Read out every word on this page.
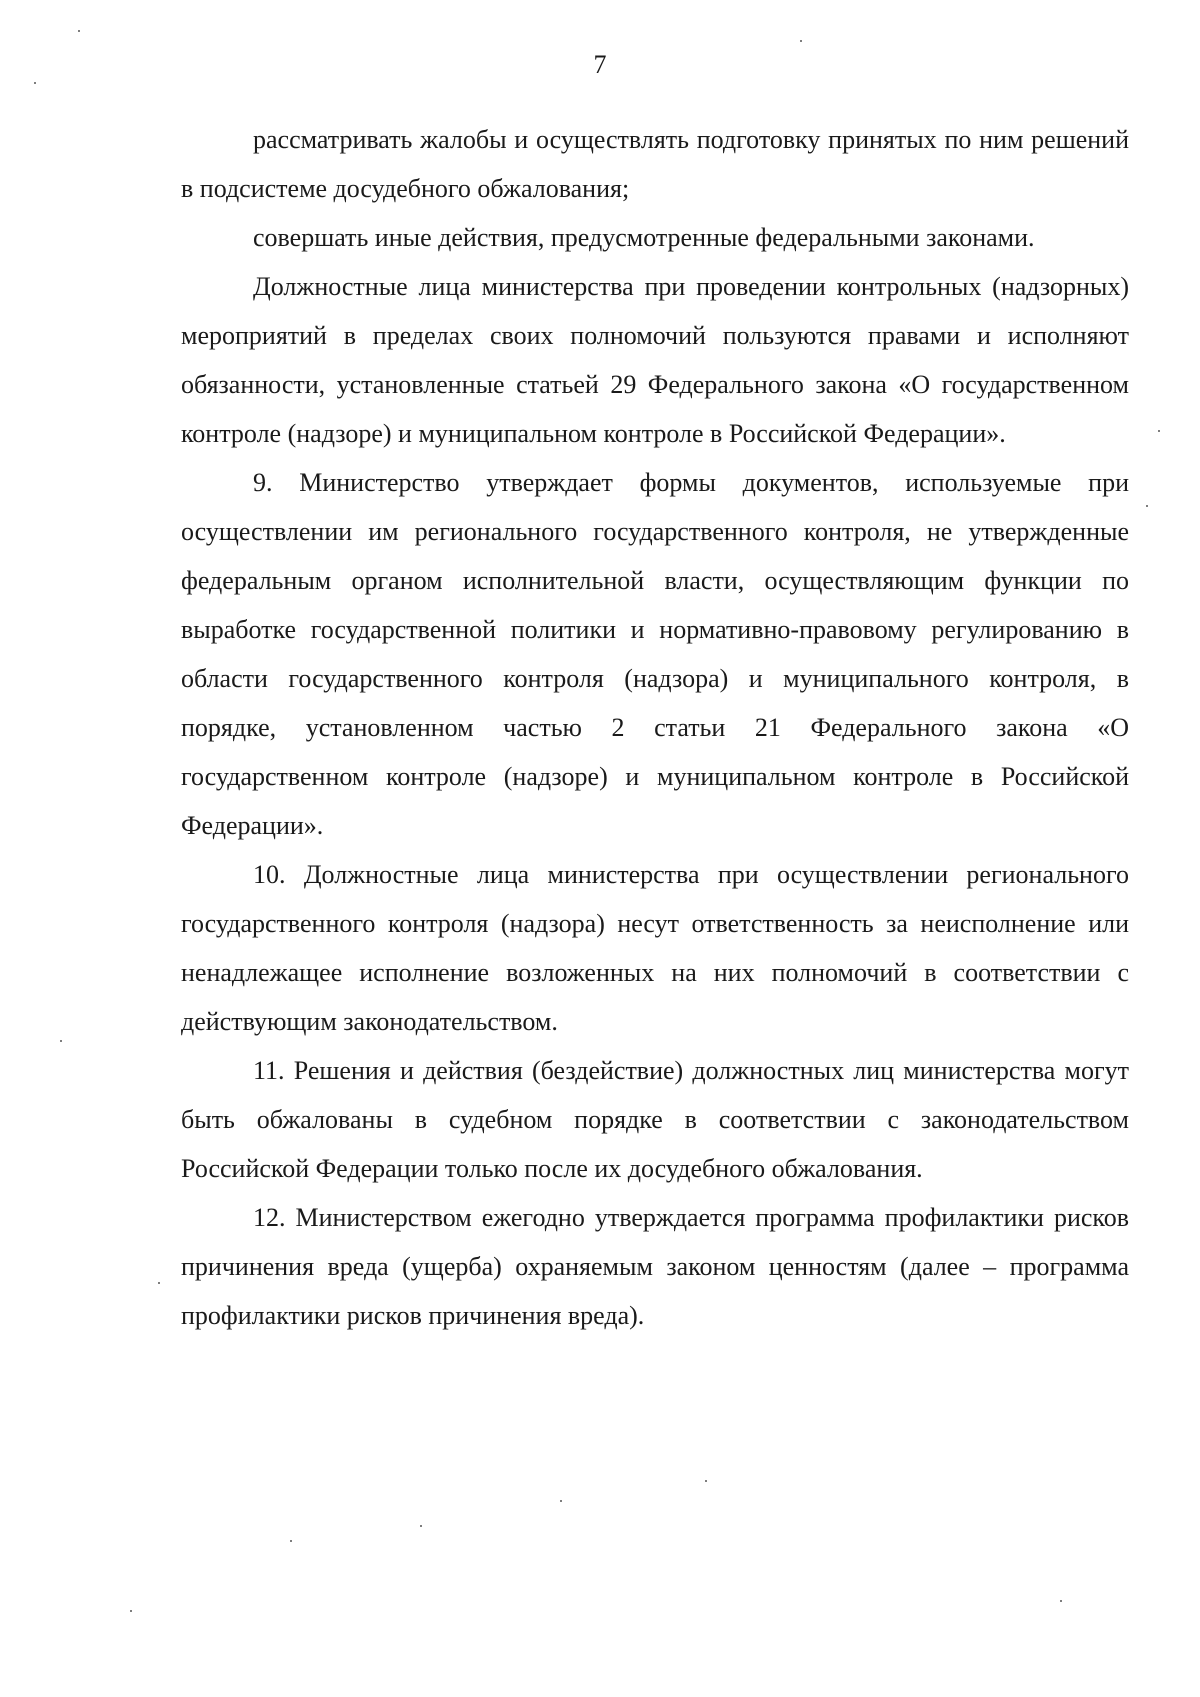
7

рассматривать жалобы и осуществлять подготовку принятых по ним решений в подсистеме досудебного обжалования;

совершать иные действия, предусмотренные федеральными законами.

Должностные лица министерства при проведении контрольных (надзорных) мероприятий в пределах своих полномочий пользуются правами и исполняют обязанности, установленные статьей 29 Федерального закона «О государственном контроле (надзоре) и муниципальном контроле в Российской Федерации».

9. Министерство утверждает формы документов, используемые при осуществлении им регионального государственного контроля, не утвержденные федеральным органом исполнительной власти, осуществляющим функции по выработке государственной политики и нормативно-правовому регулированию в области государственного контроля (надзора) и муниципального контроля, в порядке, установленном частью 2 статьи 21 Федерального закона «О государственном контроле (надзоре) и муниципальном контроле в Российской Федерации».

10. Должностные лица министерства при осуществлении регионального государственного контроля (надзора) несут ответственность за неисполнение или ненадлежащее исполнение возложенных на них полномочий в соответствии с действующим законодательством.

11. Решения и действия (бездействие) должностных лиц министерства могут быть обжалованы в судебном порядке в соответствии с законодательством Российской Федерации только после их досудебного обжалования.

12. Министерством ежегодно утверждается программа профилактики рисков причинения вреда (ущерба) охраняемым законом ценностям (далее – программа профилактики рисков причинения вреда).
